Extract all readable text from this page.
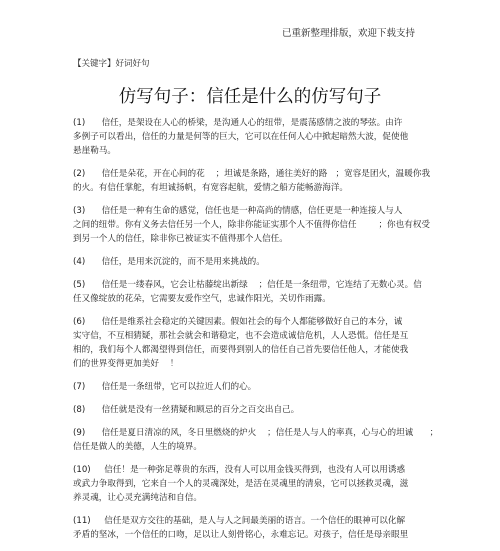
已重新整理排版，欢迎下载支持
【关键字】好词好句
仿写句子：信任是什么的仿写句子
(1)      信任，是架设在人心的桥梁，是沟通人心的纽带，是震荡感情之波的琴弦。由许
多例子可以看出，信任的力量是何等的巨大，它可以在任何人心中掀起暗然大波，促使他
悬崖勒马。
(2)      信任是朵花，开在心间的花    ；坦诚是条路，通往美好的路   ；宽容是团火，温暖你我
的火。有信任掌舵，有坦诚扬帆，有宽容起航，爱情之船方能畅游海洋。
(3)      信任是一种有生命的感觉，信任也是一种高尚的情感，信任更是一种连接人与人
之间的纽带。你有义务去信任另一个人，除非你能证实那个人不值得你信任        ；你也有权受
到另一个人的信任，除非你已被证实不值得那个人信任。
(4)      信任，是用来沉淀的，而不是用来挑战的。
(5)      信任是一缕春风，它会让枯藤绽出新绿    ；信任是一条纽带，它连结了无数心灵。信
任又像绽放的花朵，它需要友爱作空气，忠诚作阳光，关切作雨露。
(6)      信任是维系社会稳定的关键因素。假如社会的每个人都能够做好自己的本分，诚
实守信，不互相猜疑，那社会就会和谐稳定，也不会造成诚信危机，人人恐慌。信任是互
相的，我们每个人都渴望得到信任，而要得到别人的信任自己首先要信任他人，才能使我
们的世界变得更加美好    ！
(7)      信任是一条纽带，它可以拉近人们的心。
(8)      信任就是没有一丝猜疑和顾忌的百分之百交出自己。
(9)      信任是夏日清凉的风，冬日里燃烧的炉火    ；信任是人与人的率真，心与心的坦诚      ；
信任是做人的美德，人生的境界。
(10)     信任！是一种弥足尊贵的东西，没有人可以用金钱买得到，也没有人可以用诱惑
或武力争取得到，它来自一个人的灵魂深处，是活在灵魂里的清泉，它可以拯救灵魂，滋
养灵魂，让心灵充满纯洁和自信。
(11)     信任是双方交往的基础，是人与人之间最美丽的语言。一个信任的眼神可以化解
矛盾的坚冰，一个信任的口吻，足以让人刻骨铭心，永难忘记。对孩子，信任是母亲眼里
